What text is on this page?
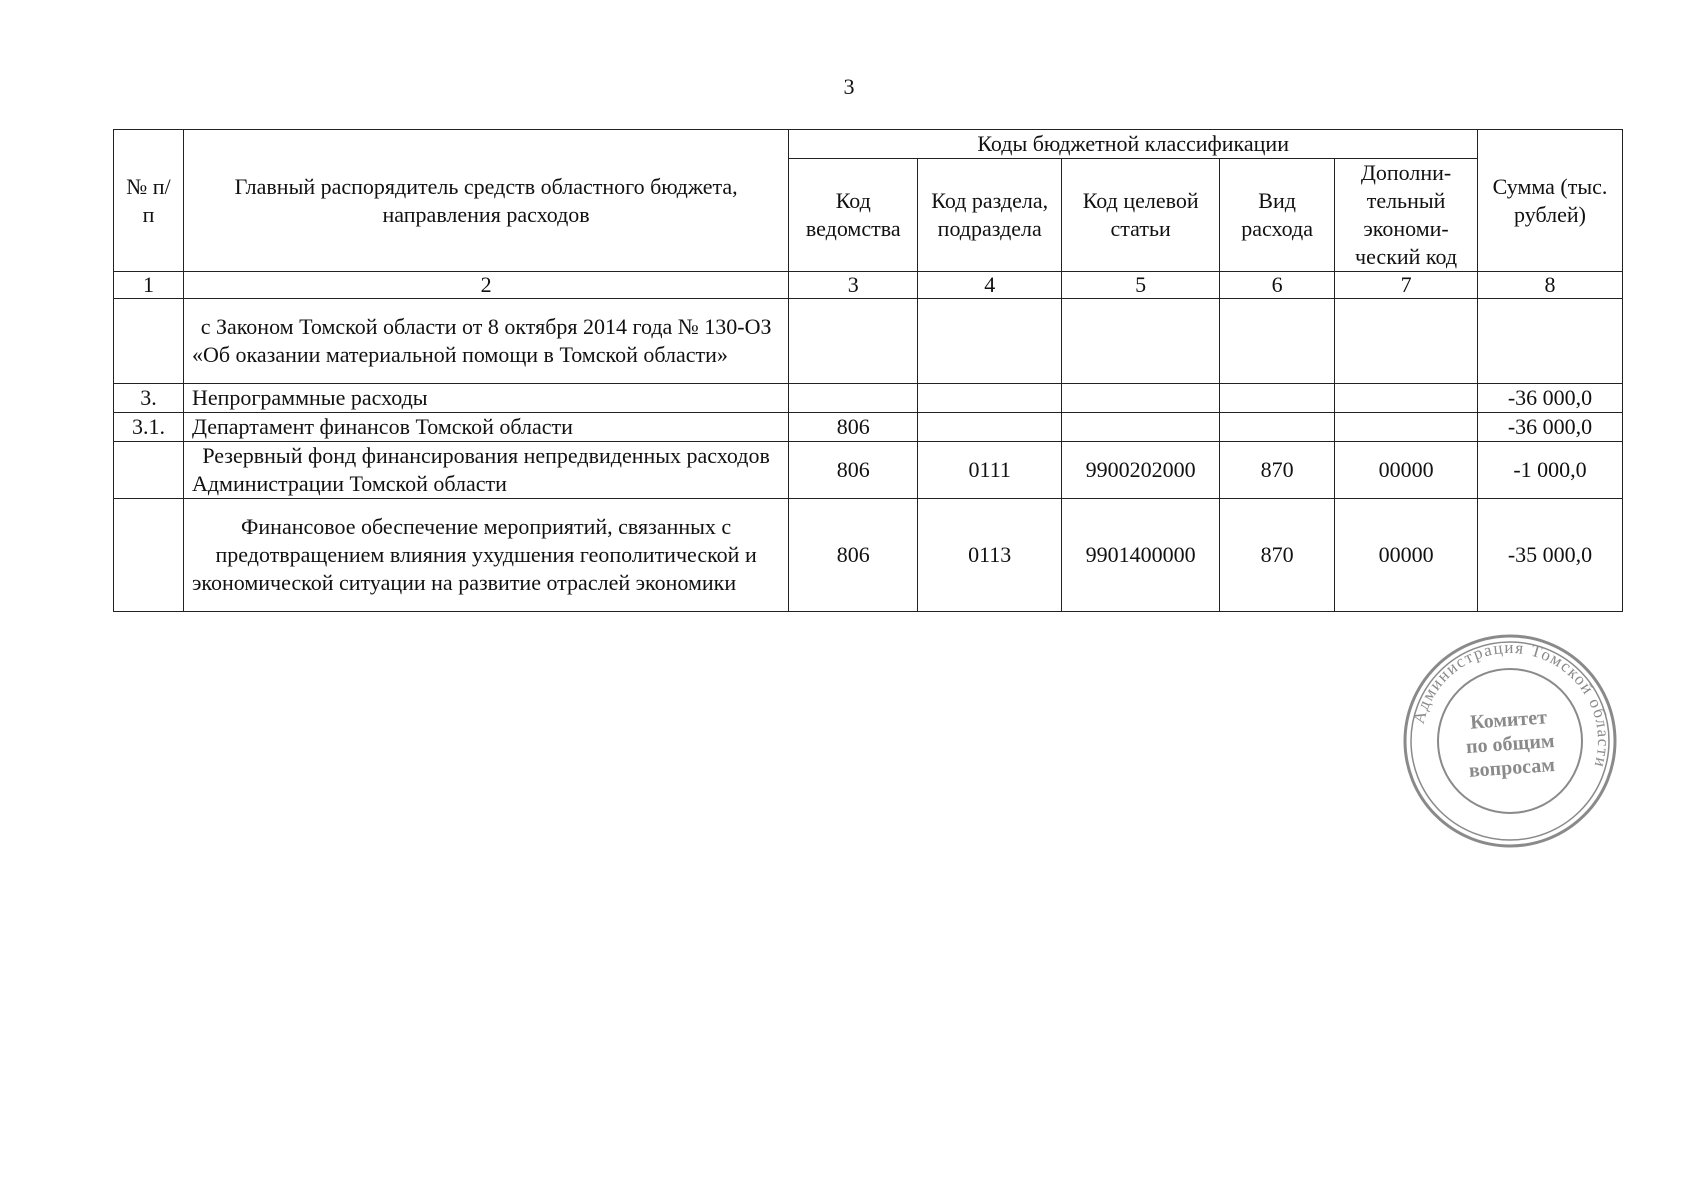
3
№ п/п	Главный распорядитель средств областного бюджета, направления расходов	Коды бюджетной классификации					Сумма (тыс. рублей)
		Код ведомства	Код раздела, подраздела	Код целевой статьи	Вид расхода	Дополни-тельный экономи-ческий код	
1	2	3	4	5	6	7	8
	с Законом Томской области от 8 октября 2014 года № 130-ОЗ «Об оказании материальной помощи в Томской области»						
3.	Непрограммные расходы						-36 000,0
3.1.	Департамент финансов Томской области	806					-36 000,0
	Резервный фонд финансирования непредвиденных расходов Администрации Томской области	806	0111	9900202000	870	00000	-1 000,0
	Финансовое обеспечение мероприятий, связанных с предотвращением влияния ухудшения геополитической и экономической ситуации на развитие отраслей экономики	806	0113	9901400000	870	00000	-35 000,0
Администрация Томской области
Комитет
по общим
вопросам
